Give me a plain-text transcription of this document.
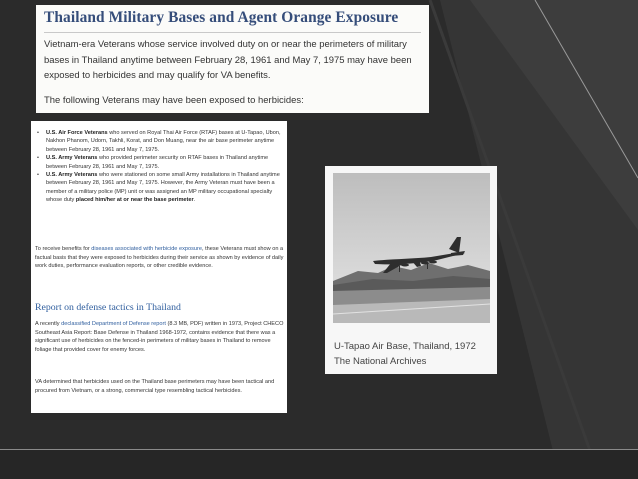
Thailand Military Bases and Agent Orange Exposure
Vietnam-era Veterans whose service involved duty on or near the perimeters of military bases in Thailand anytime between February 28, 1961 and May 7, 1975 may have been exposed to herbicides and may qualify for VA benefits.
The following Veterans may have been exposed to herbicides:
• U.S. Air Force Veterans who served on Royal Thai Air Force (RTAF) bases at U-Tapao, Ubon, Nakhon Phanom, Udorn, Takhli, Korat, and Don Muang, near the air base perimeter anytime between February 28, 1961 and May 7, 1975.
• U.S. Army Veterans who provided perimeter security on RTAF bases in Thailand anytime between February 28, 1961 and May 7, 1975.
• U.S. Army Veterans who were stationed on some small Army installations in Thailand anytime between February 28, 1961 and May 7, 1975. However, the Army Veteran must have been a member of a military police (MP) unit or was assigned an MP military occupational specialty whose duty placed him/her at or near the base perimeter.
To receive benefits for diseases associated with herbicide exposure, these Veterans must show on a factual basis that they were exposed to herbicides during their service as shown by evidence of daily work duties, performance evaluation reports, or other credible evidence.
Report on defense tactics in Thailand
A recently declassified Department of Defense report (8.3 MB, PDF) written in 1973, Project CHECO Southeast Asia Report: Base Defense in Thailand 1968-1972, contains evidence that there was a significant use of herbicides on the fenced-in perimeters of military bases in Thailand to remove foliage that provided cover for enemy forces.
VA determined that herbicides used on the Thailand base perimeters may have been tactical and procured from Vietnam, or a strong, commercial type resembling tactical herbicides.
U-Tapao Air Base, Thailand, 1972
The National Archives
